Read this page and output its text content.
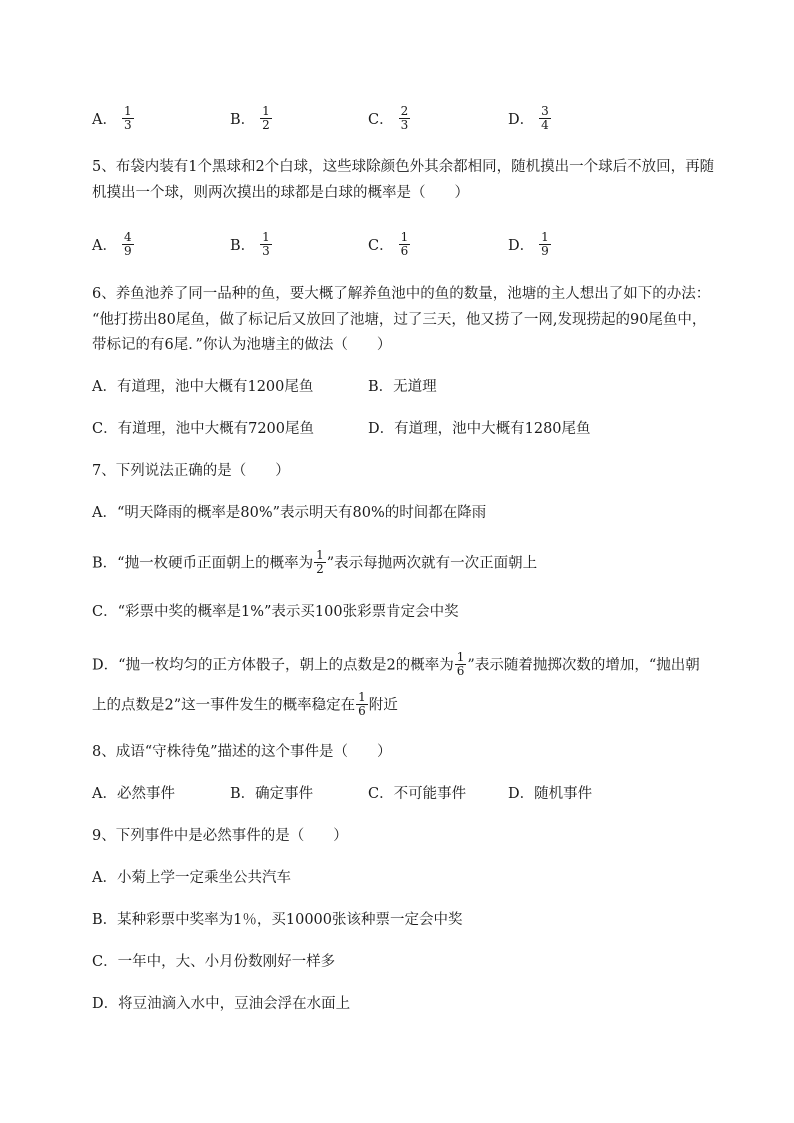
A． $\frac{1}{3}$	B． $\frac{1}{2}$	C． $\frac{2}{3}$	D． $\frac{3}{4}$
5、布袋内装有1个黑球和2个白球，这些球除颜色外其余都相同，随机摸出一个球后不放回，再随
机摸出一个球，则两次摸出的球都是白球的概率是（　　）
A． $\frac{4}{9}$	B． $\frac{1}{3}$	C． $\frac{1}{6}$	D． $\frac{1}{9}$
6、养鱼池养了同一品种的鱼，要大概了解养鱼池中的鱼的数量，池塘的主人想出了如下的办法：
“他打捞出80尾鱼，做了标记后又放回了池塘，过了三天，他又捞了一网,发现捞起的90尾鱼中，
带标记的有6尾．”你认为池塘主的做法（　　）
A．有道理，池中大概有1200尾鱼	B．无道理
C．有道理，池中大概有7200尾鱼	D．有道理，池中大概有1280尾鱼
7、下列说法正确的是（　　）
A．“明天降雨的概率是80%”表示明天有80%的时间都在降雨
B．“抛一枚硬币正面朝上的概率为 $\frac{1}{2}$ ”表示每抛两次就有一次正面朝上
C．“彩票中奖的概率是1%”表示买100张彩票肯定会中奖
D．“抛一枚均匀的正方体骰子，朝上的点数是2的概率为 $\frac{1}{6}$ ”表示随着抛掷次数的增加，“抛出朝
上的点数是2”这一事件发生的概率稳定在 $\frac{1}{6}$ 附近
8、成语“守株待兔”描述的这个事件是（　　）
A．必然事件	B．确定事件	C．不可能事件	D．随机事件
9、下列事件中是必然事件的是（　　）
A．小菊上学一定乘坐公共汽车
B．某种彩票中奖率为1％，买10000张该种票一定会中奖
C．一年中，大、小月份数刚好一样多
D．将豆油滴入水中，豆油会浮在水面上
